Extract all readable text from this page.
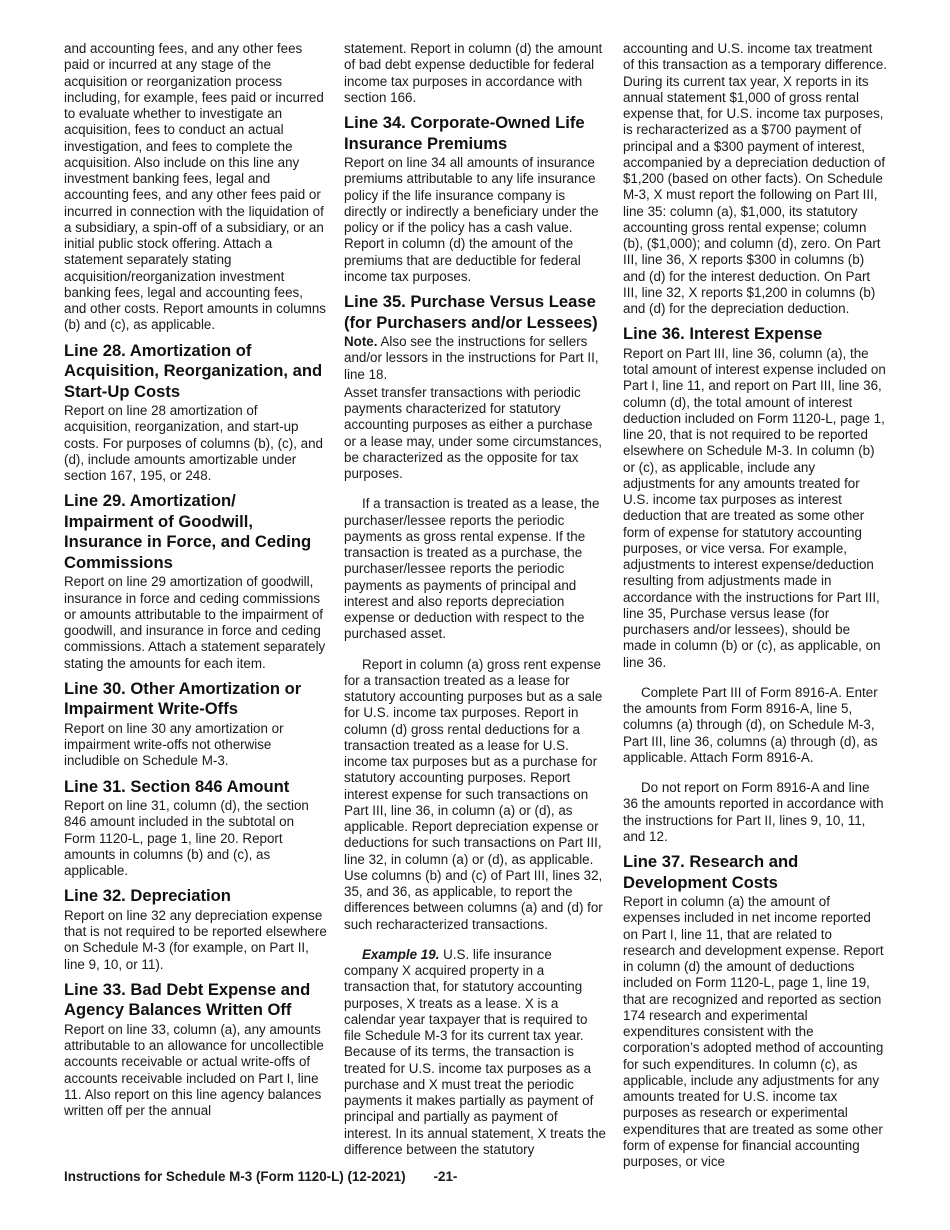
and accounting fees, and any other fees paid or incurred at any stage of the acquisition or reorganization process including, for example, fees paid or incurred to evaluate whether to investigate an acquisition, fees to conduct an actual investigation, and fees to complete the acquisition. Also include on this line any investment banking fees, legal and accounting fees, and any other fees paid or incurred in connection with the liquidation of a subsidiary, a spin-off of a subsidiary, or an initial public stock offering. Attach a statement separately stating acquisition/reorganization investment banking fees, legal and accounting fees, and other costs. Report amounts in columns (b) and (c), as applicable.

Line 28. Amortization of Acquisition, Reorganization, and Start-Up Costs

Report on line 28 amortization of acquisition, reorganization, and start-up costs. For purposes of columns (b), (c), and (d), include amounts amortizable under section 167, 195, or 248.

Line 29. Amortization/ Impairment of Goodwill, Insurance in Force, and Ceding Commissions

Report on line 29 amortization of goodwill, insurance in force and ceding commissions or amounts attributable to the impairment of goodwill, and insurance in force and ceding commissions. Attach a statement separately stating the amounts for each item.

Line 30. Other Amortization or Impairment Write-Offs

Report on line 30 any amortization or impairment write-offs not otherwise includible on Schedule M-3.

Line 31. Section 846 Amount

Report on line 31, column (d), the section 846 amount included in the subtotal on Form 1120-L, page 1, line 20. Report amounts in columns (b) and (c), as applicable.

Line 32. Depreciation

Report on line 32 any depreciation expense that is not required to be reported elsewhere on Schedule M-3 (for example, on Part II, line 9, 10, or 11).

Line 33. Bad Debt Expense and Agency Balances Written Off

Report on line 33, column (a), any amounts attributable to an allowance for uncollectible accounts receivable or actual write-offs of accounts receivable included on Part I, line 11. Also report on this line agency balances written off per the annual

statement. Report in column (d) the amount of bad debt expense deductible for federal income tax purposes in accordance with section 166.

Line 34. Corporate-Owned Life Insurance Premiums

Report on line 34 all amounts of insurance premiums attributable to any life insurance policy if the life insurance company is directly or indirectly a beneficiary under the policy or if the policy has a cash value. Report in column (d) the amount of the premiums that are deductible for federal income tax purposes.

Line 35. Purchase Versus Lease (for Purchasers and/or Lessees)

Note. Also see the instructions for sellers and/or lessors in the instructions for Part II, line 18.

Asset transfer transactions with periodic payments characterized for statutory accounting purposes as either a purchase or a lease may, under some circumstances, be characterized as the opposite for tax purposes.

If a transaction is treated as a lease, the purchaser/lessee reports the periodic payments as gross rental expense. If the transaction is treated as a purchase, the purchaser/lessee reports the periodic payments as payments of principal and interest and also reports depreciation expense or deduction with respect to the purchased asset.

Report in column (a) gross rent expense for a transaction treated as a lease for statutory accounting purposes but as a sale for U.S. income tax purposes. Report in column (d) gross rental deductions for a transaction treated as a lease for U.S. income tax purposes but as a purchase for statutory accounting purposes. Report interest expense for such transactions on Part III, line 36, in column (a) or (d), as applicable. Report depreciation expense or deductions for such transactions on Part III, line 32, in column (a) or (d), as applicable. Use columns (b) and (c) of Part III, lines 32, 35, and 36, as applicable, to report the differences between columns (a) and (d) for such recharacterized transactions.

Example 19. U.S. life insurance company X acquired property in a transaction that, for statutory accounting purposes, X treats as a lease. X is a calendar year taxpayer that is required to file Schedule M-3 for its current tax year. Because of its terms, the transaction is treated for U.S. income tax purposes as a purchase and X must treat the periodic payments it makes partially as payment of principal and partially as payment of interest. In its annual statement, X treats the difference between the statutory

accounting and U.S. income tax treatment of this transaction as a temporary difference. During its current tax year, X reports in its annual statement $1,000 of gross rental expense that, for U.S. income tax purposes, is recharacterized as a $700 payment of principal and a $300 payment of interest, accompanied by a depreciation deduction of $1,200 (based on other facts). On Schedule M-3, X must report the following on Part III, line 35: column (a), $1,000, its statutory accounting gross rental expense; column (b), ($1,000); and column (d), zero. On Part III, line 36, X reports $300 in columns (b) and (d) for the interest deduction. On Part III, line 32, X reports $1,200 in columns (b) and (d) for the depreciation deduction.

Line 36. Interest Expense

Report on Part III, line 36, column (a), the total amount of interest expense included on Part I, line 11, and report on Part III, line 36, column (d), the total amount of interest deduction included on Form 1120-L, page 1, line 20, that is not required to be reported elsewhere on Schedule M-3. In column (b) or (c), as applicable, include any adjustments for any amounts treated for U.S. income tax purposes as interest deduction that are treated as some other form of expense for statutory accounting purposes, or vice versa. For example, adjustments to interest expense/deduction resulting from adjustments made in accordance with the instructions for Part III, line 35, Purchase versus lease (for purchasers and/or lessees), should be made in column (b) or (c), as applicable, on line 36.

Complete Part III of Form 8916-A. Enter the amounts from Form 8916-A, line 5, columns (a) through (d), on Schedule M-3, Part III, line 36, columns (a) through (d), as applicable. Attach Form 8916-A.

Do not report on Form 8916-A and line 36 the amounts reported in accordance with the instructions for Part II, lines 9, 10, 11, and 12.

Line 37. Research and Development Costs

Report in column (a) the amount of expenses included in net income reported on Part I, line 11, that are related to research and development expense. Report in column (d) the amount of deductions included on Form 1120-L, page 1, line 19, that are recognized and reported as section 174 research and experimental expenditures consistent with the corporation’s adopted method of accounting for such expenditures. In column (c), as applicable, include any adjustments for any amounts treated for U.S. income tax purposes as research or experimental expenditures that are treated as some other form of expense for financial accounting purposes, or vice

Instructions for Schedule M-3 (Form 1120-L) (12-2021) -21-
